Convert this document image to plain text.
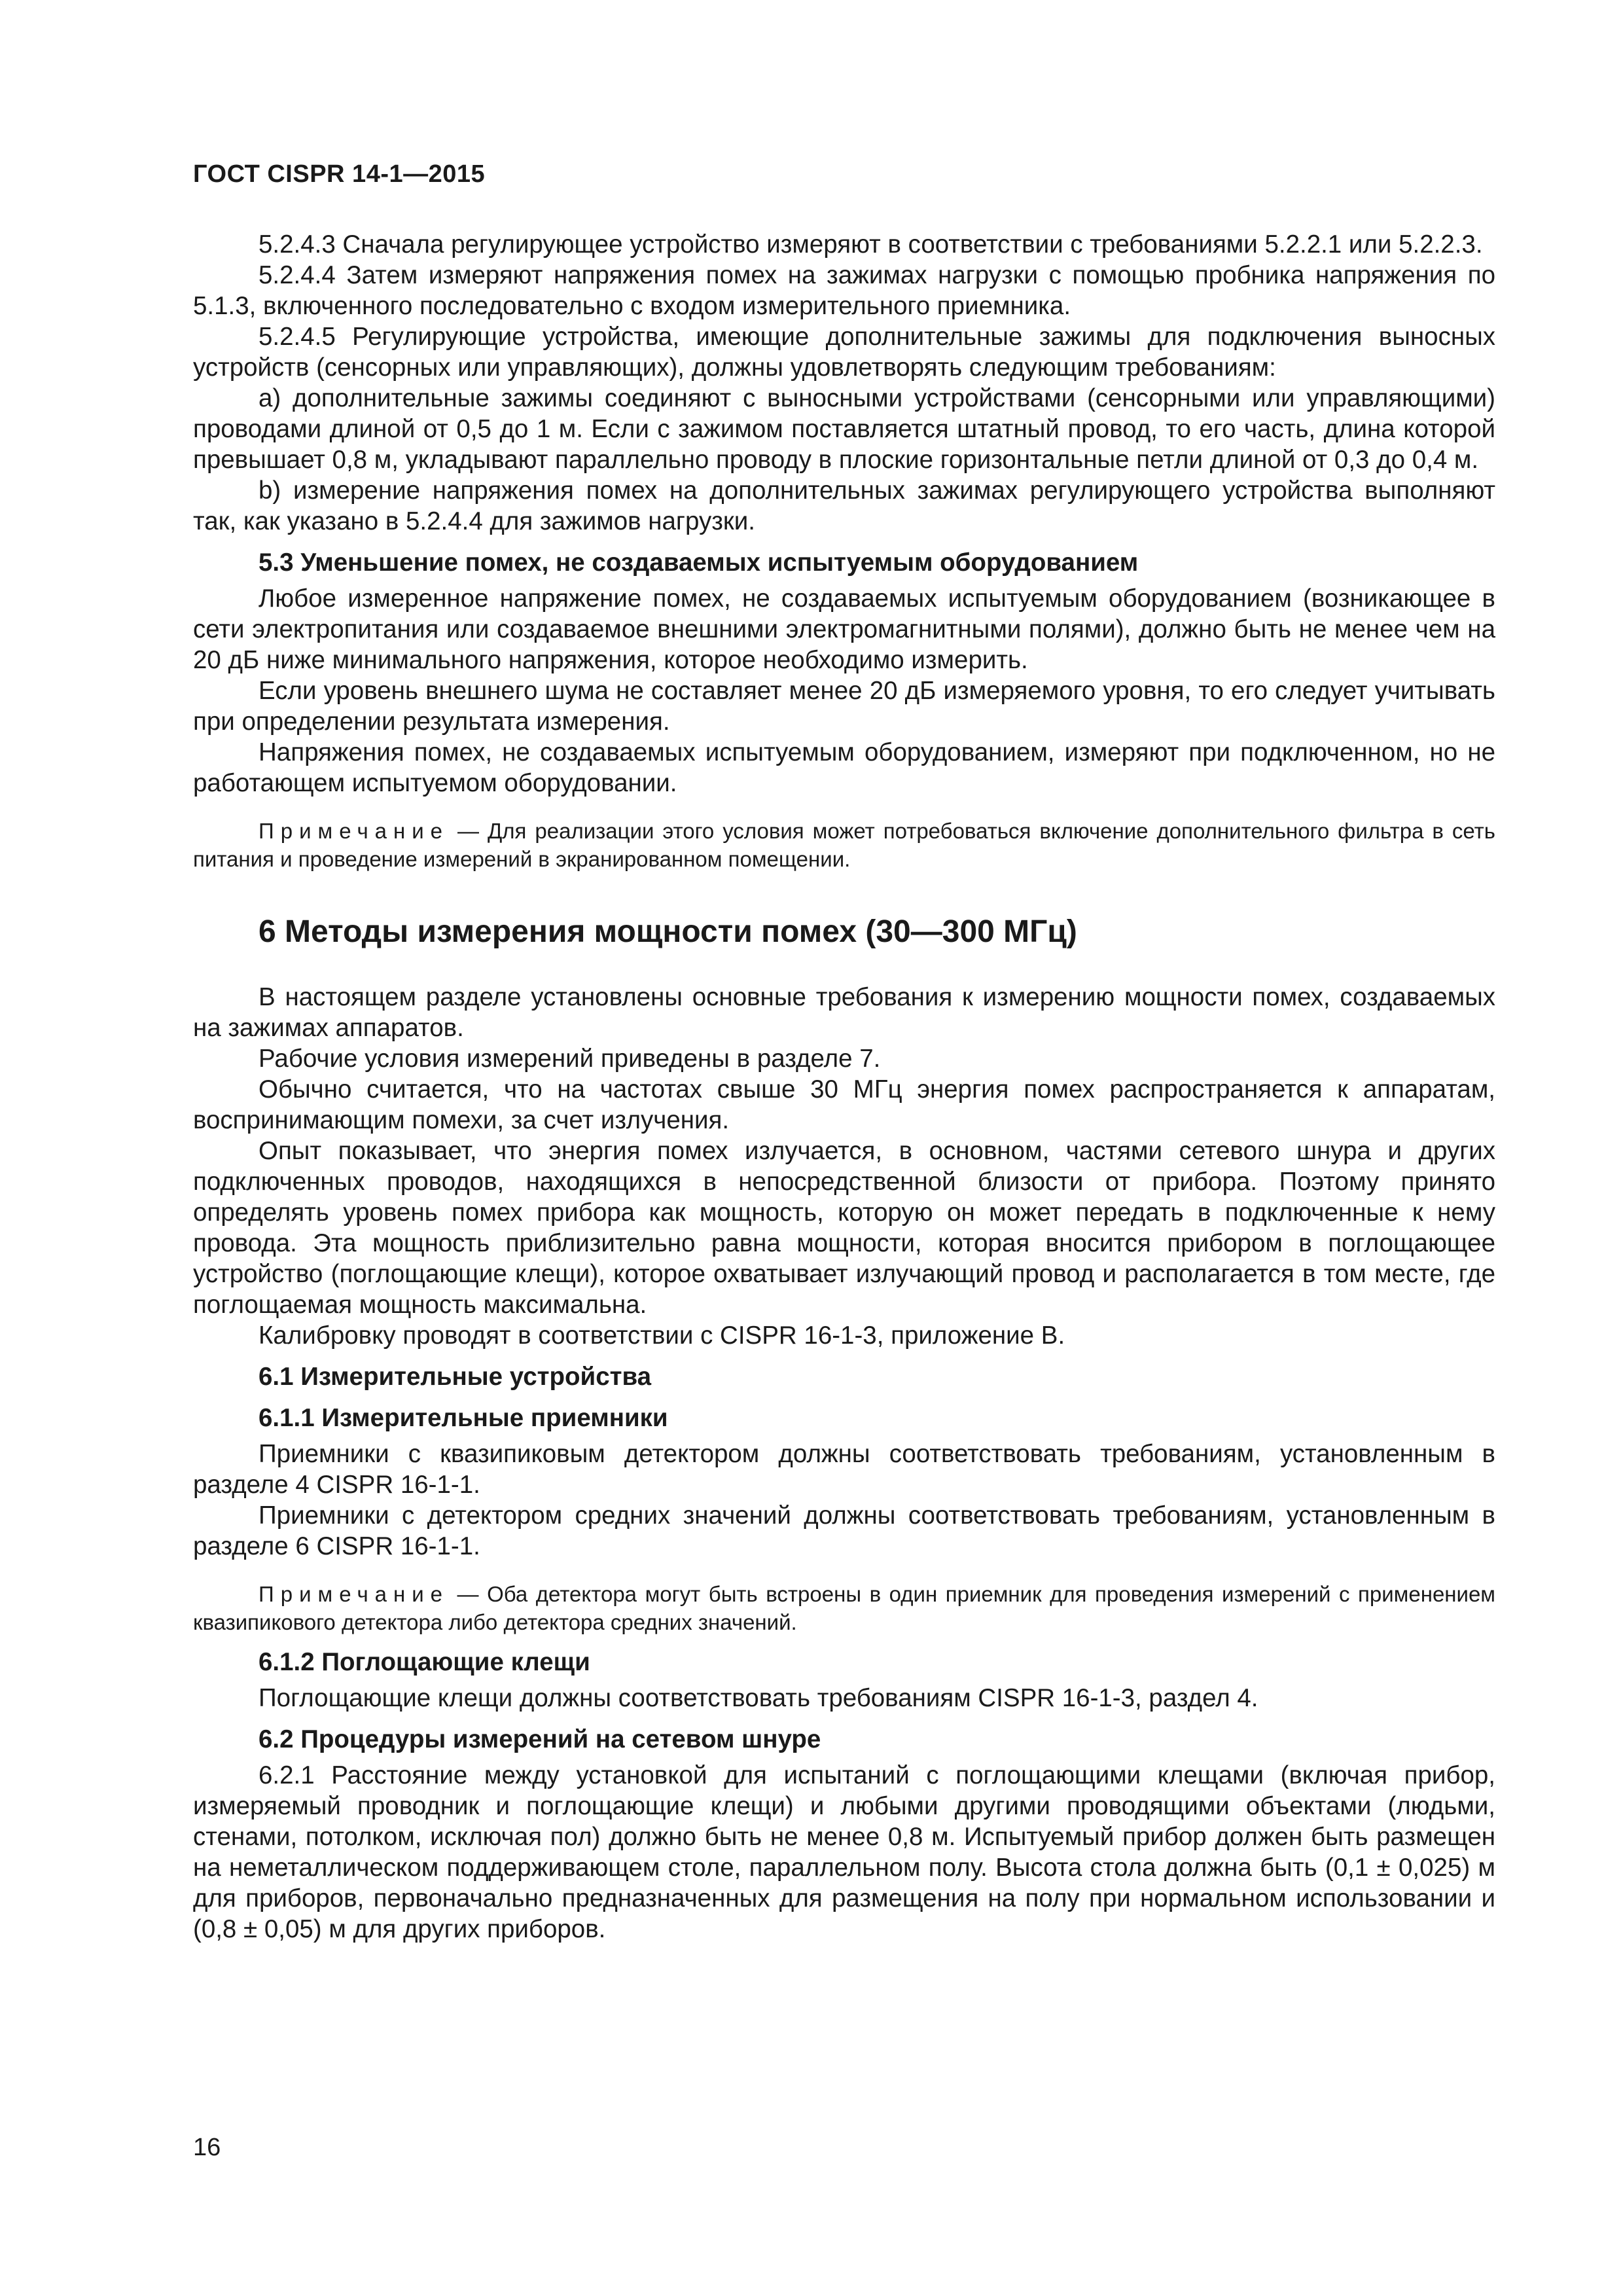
ГОСТ CISPR 14-1—2015

5.2.4.3 Сначала регулирующее устройство измеряют в соответствии с требованиями 5.2.2.1 или 5.2.2.3.

5.2.4.4 Затем измеряют напряжения помех на зажимах нагрузки с помощью пробника напряжения по 5.1.3, включенного последовательно с входом измерительного приемника.

5.2.4.5 Регулирующие устройства, имеющие дополнительные зажимы для подключения выносных устройств (сенсорных или управляющих), должны удовлетворять следующим требованиям:

a) дополнительные зажимы соединяют с выносными устройствами (сенсорными или управляющими) проводами длиной от 0,5 до 1 м. Если с зажимом поставляется штатный провод, то его часть, длина которой превышает 0,8 м, укладывают параллельно проводу в плоские горизонтальные петли длиной от 0,3 до 0,4 м.

b) измерение напряжения помех на дополнительных зажимах регулирующего устройства выполняют так, как указано в 5.2.4.4 для зажимов нагрузки.

5.3 Уменьшение помех, не создаваемых испытуемым оборудованием

Любое измеренное напряжение помех, не создаваемых испытуемым оборудованием (возникающее в сети электропитания или создаваемое внешними электромагнитными полями), должно быть не менее чем на 20 дБ ниже минимального напряжения, которое необходимо измерить.

Если уровень внешнего шума не составляет менее 20 дБ измеряемого уровня, то его следует учитывать при определении результата измерения.

Напряжения помех, не создаваемых испытуемым оборудованием, измеряют при подключенном, но не работающем испытуемом оборудовании.

Примечание — Для реализации этого условия может потребоваться включение дополнительного фильтра в сеть питания и проведение измерений в экранированном помещении.
6 Методы измерения мощности помех (30—300 МГц)

В настоящем разделе установлены основные требования к измерению мощности помех, создаваемых на зажимах аппаратов.

Рабочие условия измерений приведены в разделе 7.

Обычно считается, что на частотах свыше 30 МГц энергия помех распространяется к аппаратам, воспринимающим помехи, за счет излучения.

Опыт показывает, что энергия помех излучается, в основном, частями сетевого шнура и других подключенных проводов, находящихся в непосредственной близости от прибора. Поэтому принято определять уровень помех прибора как мощность, которую он может передать в подключенные к нему провода. Эта мощность приблизительно равна мощности, которая вносится прибором в поглощающее устройство (поглощающие клещи), которое охватывает излучающий провод и располагается в том месте, где поглощаемая мощность максимальна.

Калибровку проводят в соответствии с CISPR 16-1-3, приложение В.

6.1 Измерительные устройства
6.1.1 Измерительные приемники

Приемники с квазипиковым детектором должны соответствовать требованиям, установленным в разделе 4 CISPR 16-1-1.

Приемники с детектором средних значений должны соответствовать требованиям, установленным в разделе 6 CISPR 16-1-1.

Примечание — Оба детектора могут быть встроены в один приемник для проведения измерений с применением квазипикового детектора либо детектора средних значений.
6.1.2 Поглощающие клещи

Поглощающие клещи должны соответствовать требованиям CISPR 16-1-3, раздел 4.

6.2 Процедуры измерений на сетевом шнуре

6.2.1 Расстояние между установкой для испытаний с поглощающими клещами (включая прибор, измеряемый проводник и поглощающие клещи) и любыми другими проводящими объектами (людьми, стенами, потолком, исключая пол) должно быть не менее 0,8 м. Испытуемый прибор должен быть размещен на неметаллическом поддерживающем столе, параллельном полу. Высота стола должна быть (0,1 ± 0,025) м для приборов, первоначально предназначенных для размещения на полу при нормальном использовании и (0,8 ± 0,05) м для других приборов.

16
